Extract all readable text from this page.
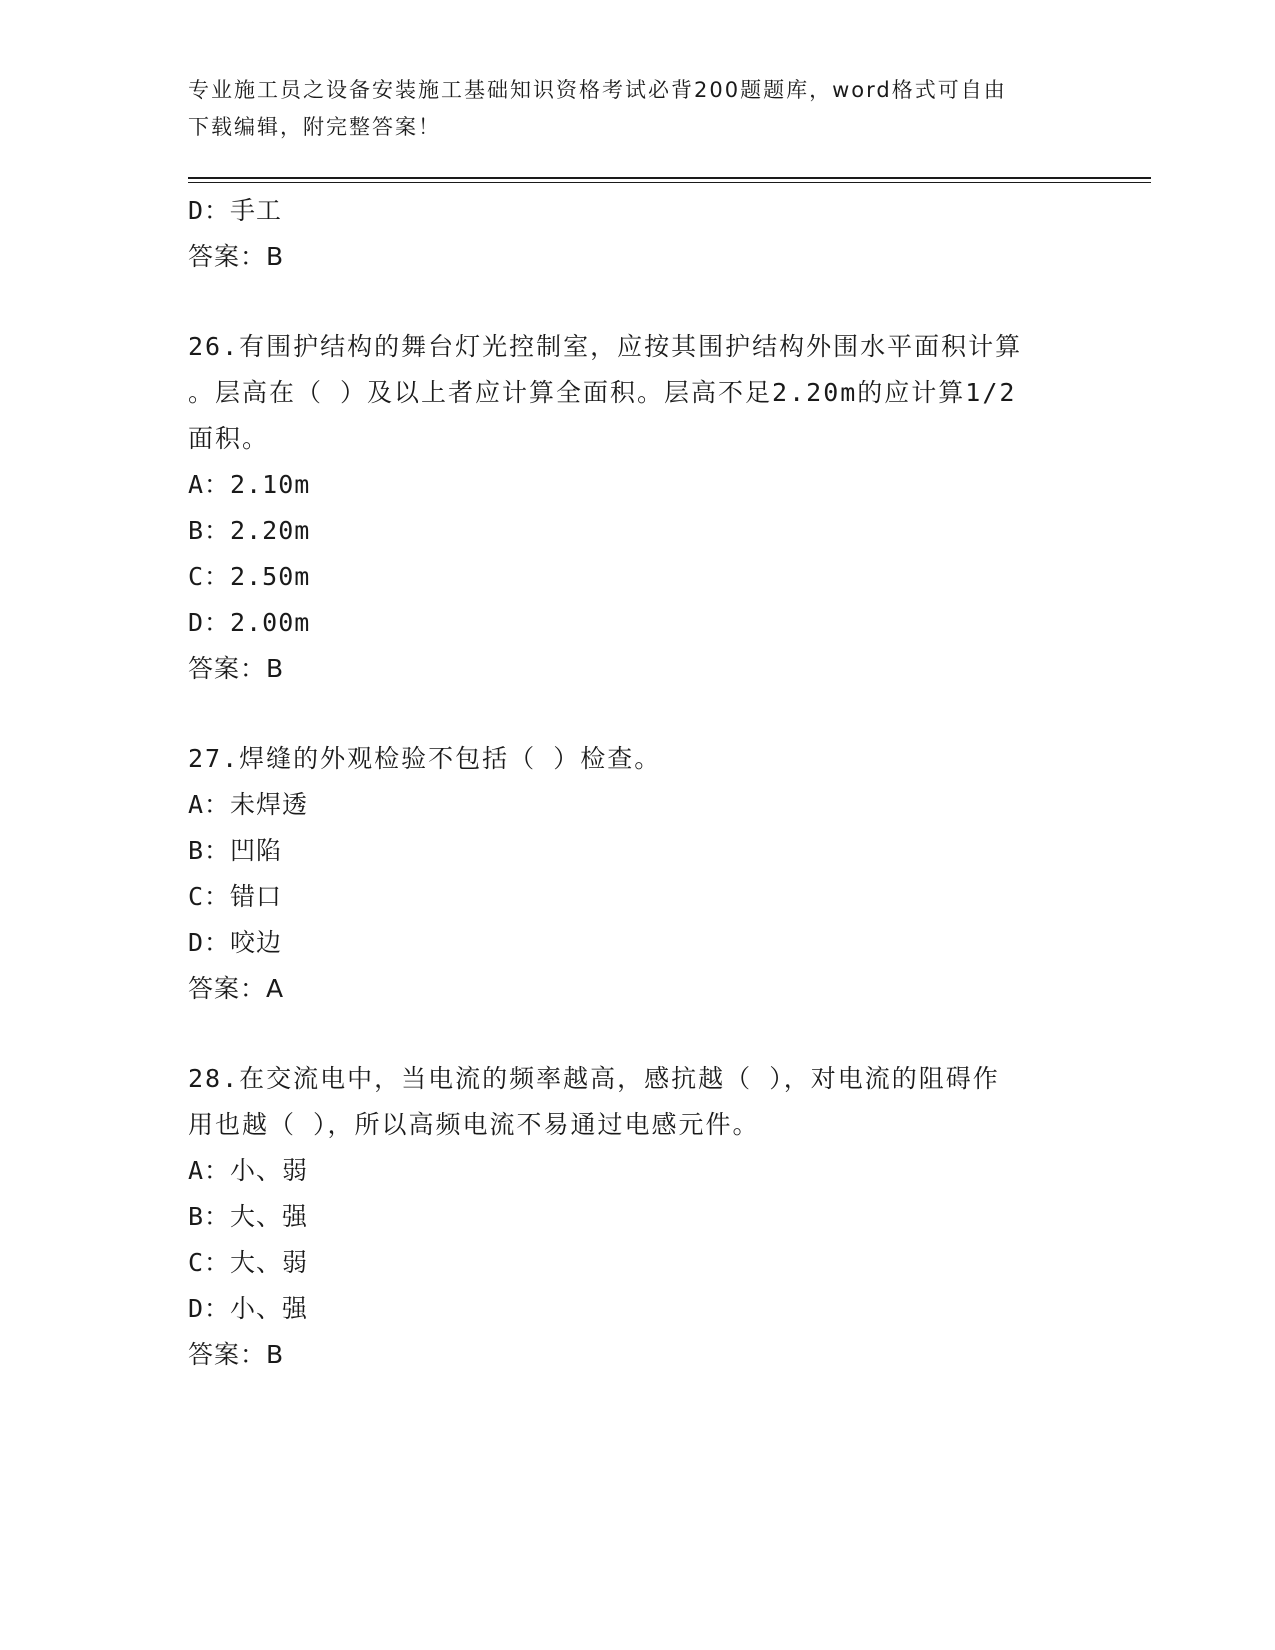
专业施工员之设备安装施工基础知识资格考试必背200题题库，word格式可自由
下载编辑，附完整答案！
D：手工
答案：B
26.有围护结构的舞台灯光控制室，应按其围护结构外围水平面积计算
。层高在（ ）及以上者应计算全面积。层高不足2.20m的应计算1/2
面积。
A：2.10m
B：2.20m
C：2.50m
D：2.00m
答案：B
27.焊缝的外观检验不包括（ ）检查。
A：未焊透
B：凹陷
C：错口
D：咬边
答案：A
28.在交流电中，当电流的频率越高，感抗越（ ），对电流的阻碍作
用也越（ ），所以高频电流不易通过电感元件。
A：小、弱
B：大、强
C：大、弱
D：小、强
答案：B
